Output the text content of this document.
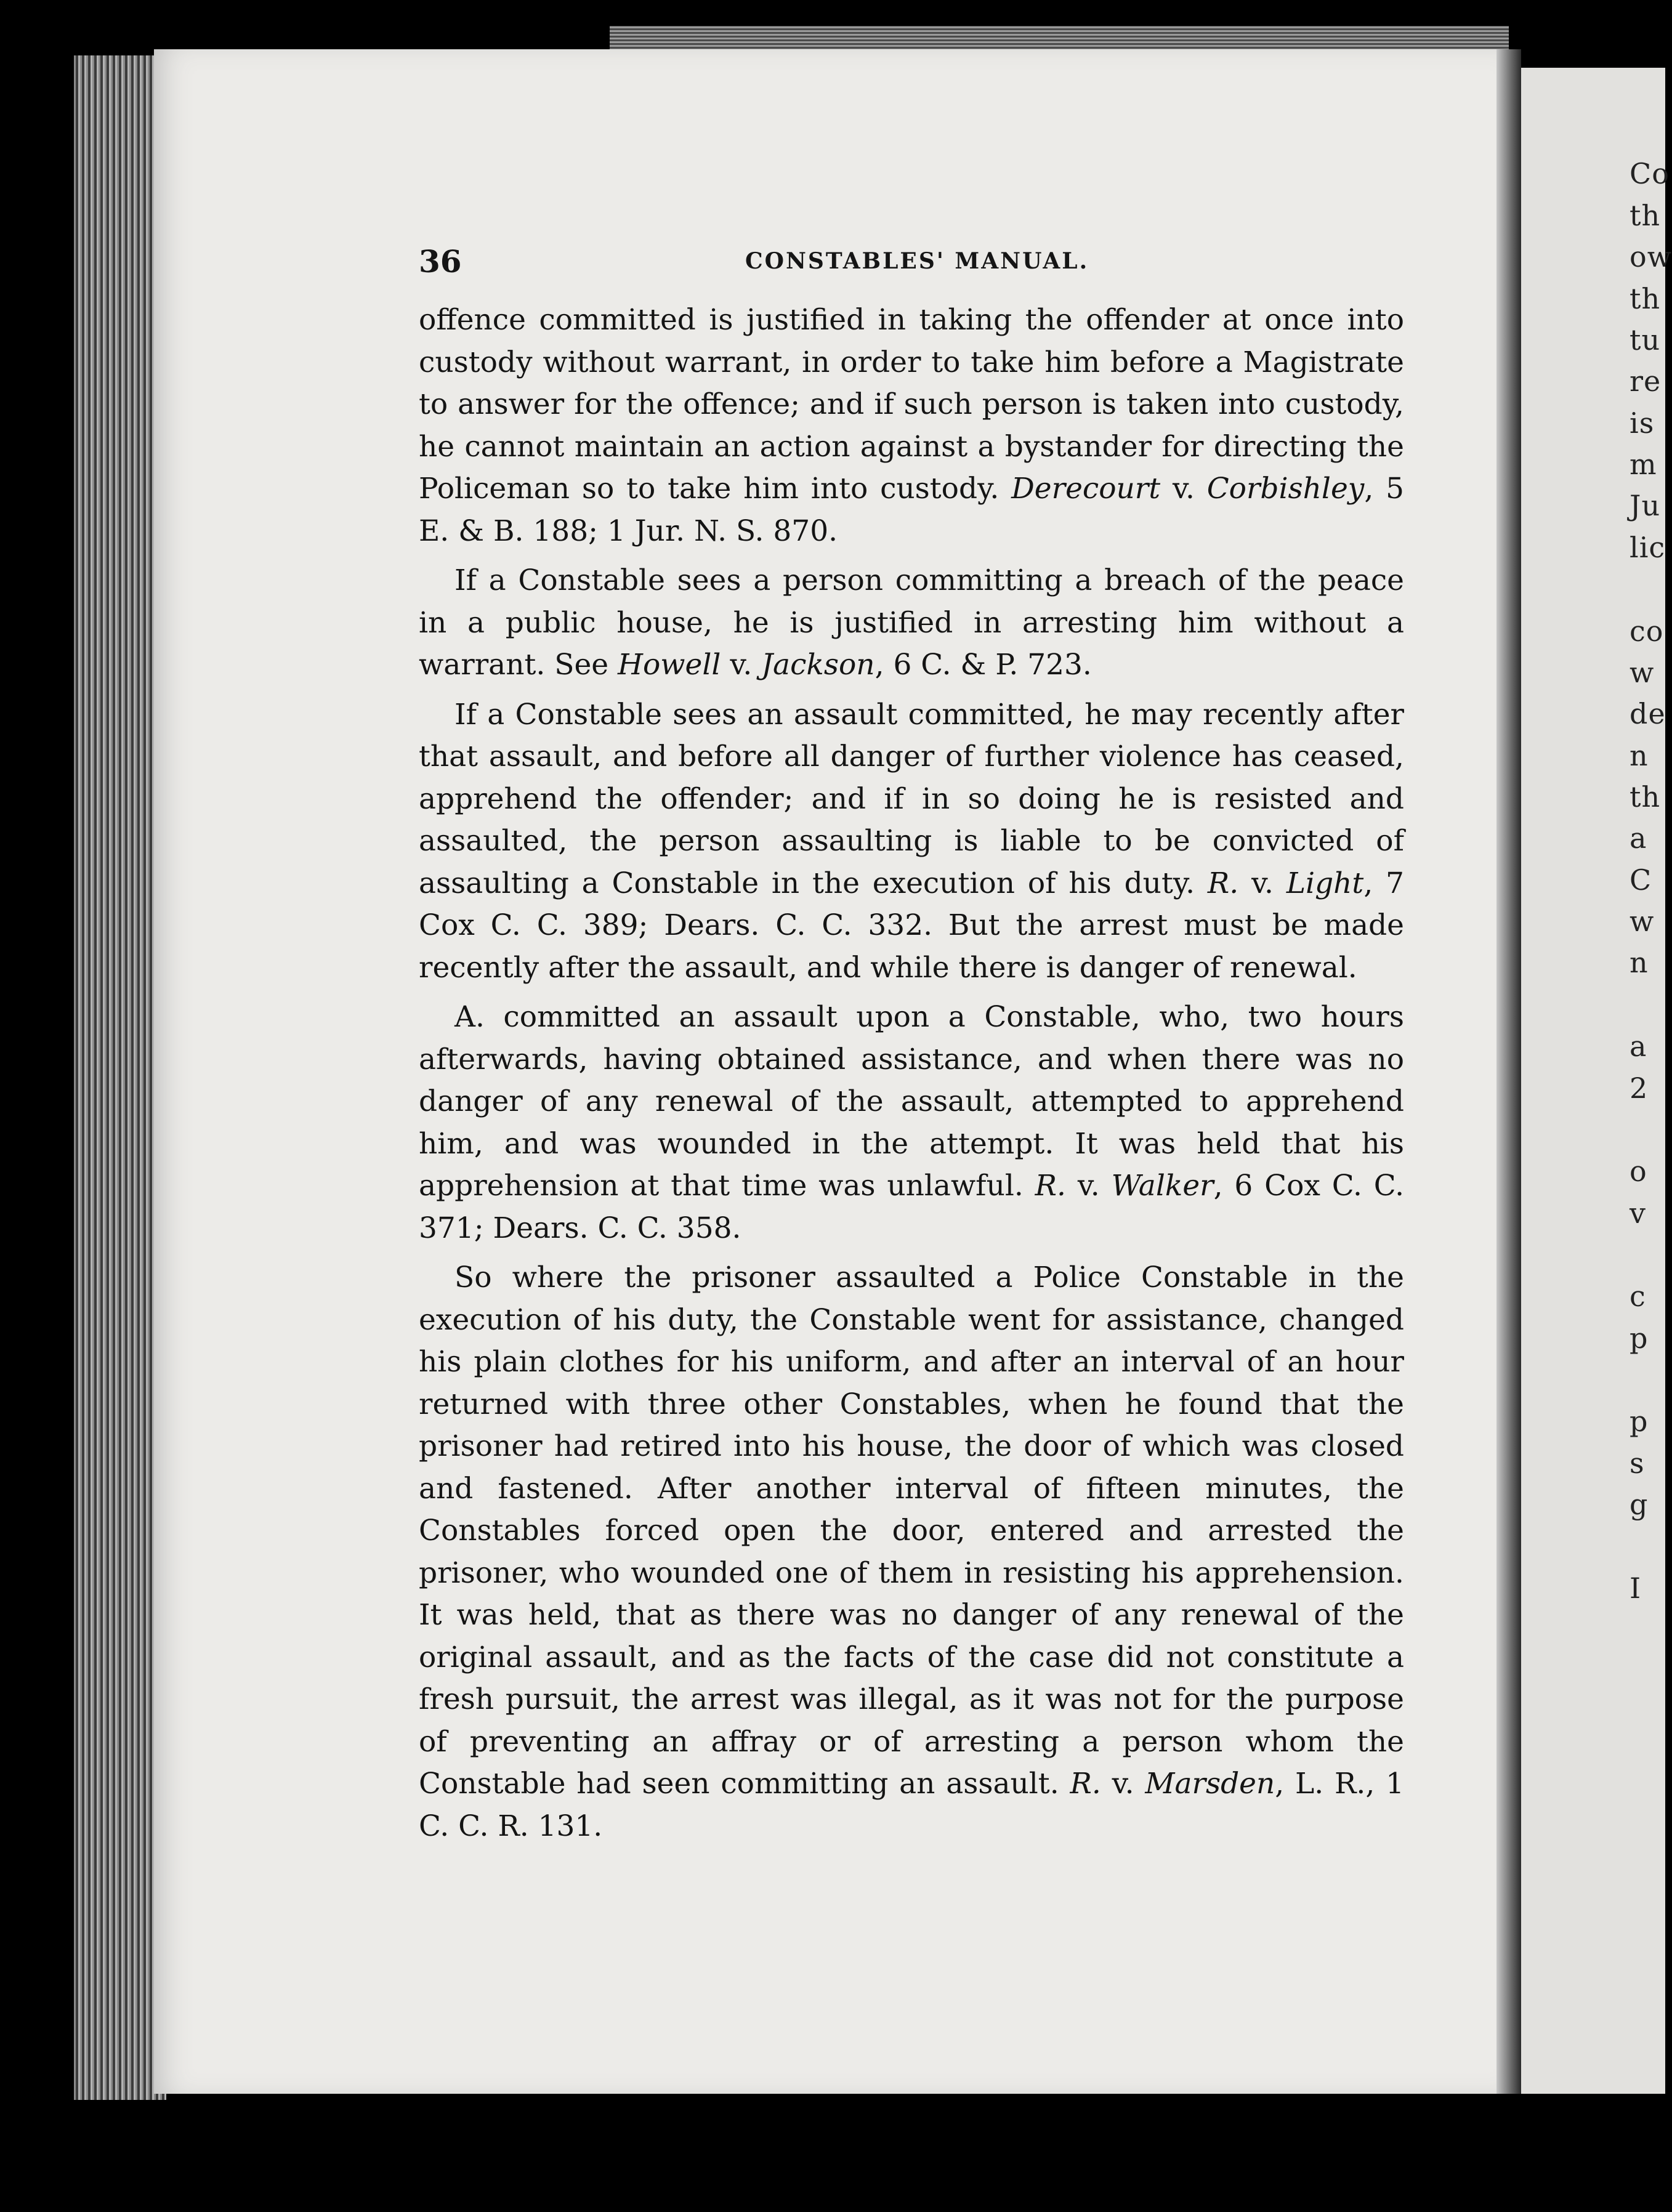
Co
th
ow
th
tu
re
is
m
Ju
lic
co
w
de
n
th
a
C
w
n
a
2
o
v
c
p
p
s
g
I
36	CONSTABLES' MANUAL.

offence committed is justified in taking the offender at once into custody without warrant, in order to take him before a Magistrate to answer for the offence; and if such person is taken into custody, he cannot maintain an action against a bystander for directing the Policeman so to take him into custody. Derecourt v. Corbishley, 5 E. & B. 188; 1 Jur. N. S. 870.

If a Constable sees a person committing a breach of the peace in a public house, he is justified in arresting him without a warrant. See Howell v. Jackson, 6 C. & P. 723.

If a Constable sees an assault committed, he may recently after that assault, and before all danger of further violence has ceased, apprehend the offender; and if in so doing he is resisted and assaulted, the person assaulting is liable to be convicted of assaulting a Constable in the execution of his duty. R. v. Light, 7 Cox C. C. 389; Dears. C. C. 332. But the arrest must be made recently after the assault, and while there is danger of renewal.

A. committed an assault upon a Constable, who, two hours afterwards, having obtained assistance, and when there was no danger of any renewal of the assault, attempted to apprehend him, and was wounded in the attempt. It was held that his apprehension at that time was unlawful. R. v. Walker, 6 Cox C. C. 371; Dears. C. C. 358.

So where the prisoner assaulted a Police Constable in the execution of his duty, the Constable went for assistance, changed his plain clothes for his uniform, and after an interval of an hour returned with three other Constables, when he found that the prisoner had retired into his house, the door of which was closed and fastened. After another interval of fifteen minutes, the Constables forced open the door, entered and arrested the prisoner, who wounded one of them in resisting his apprehension. It was held, that as there was no danger of any renewal of the original assault, and as the facts of the case did not constitute a fresh pursuit, the arrest was illegal, as it was not for the purpose of preventing an affray or of arresting a person whom the Constable had seen committing an assault. R. v. Marsden, L. R., 1 C. C. R. 131.
